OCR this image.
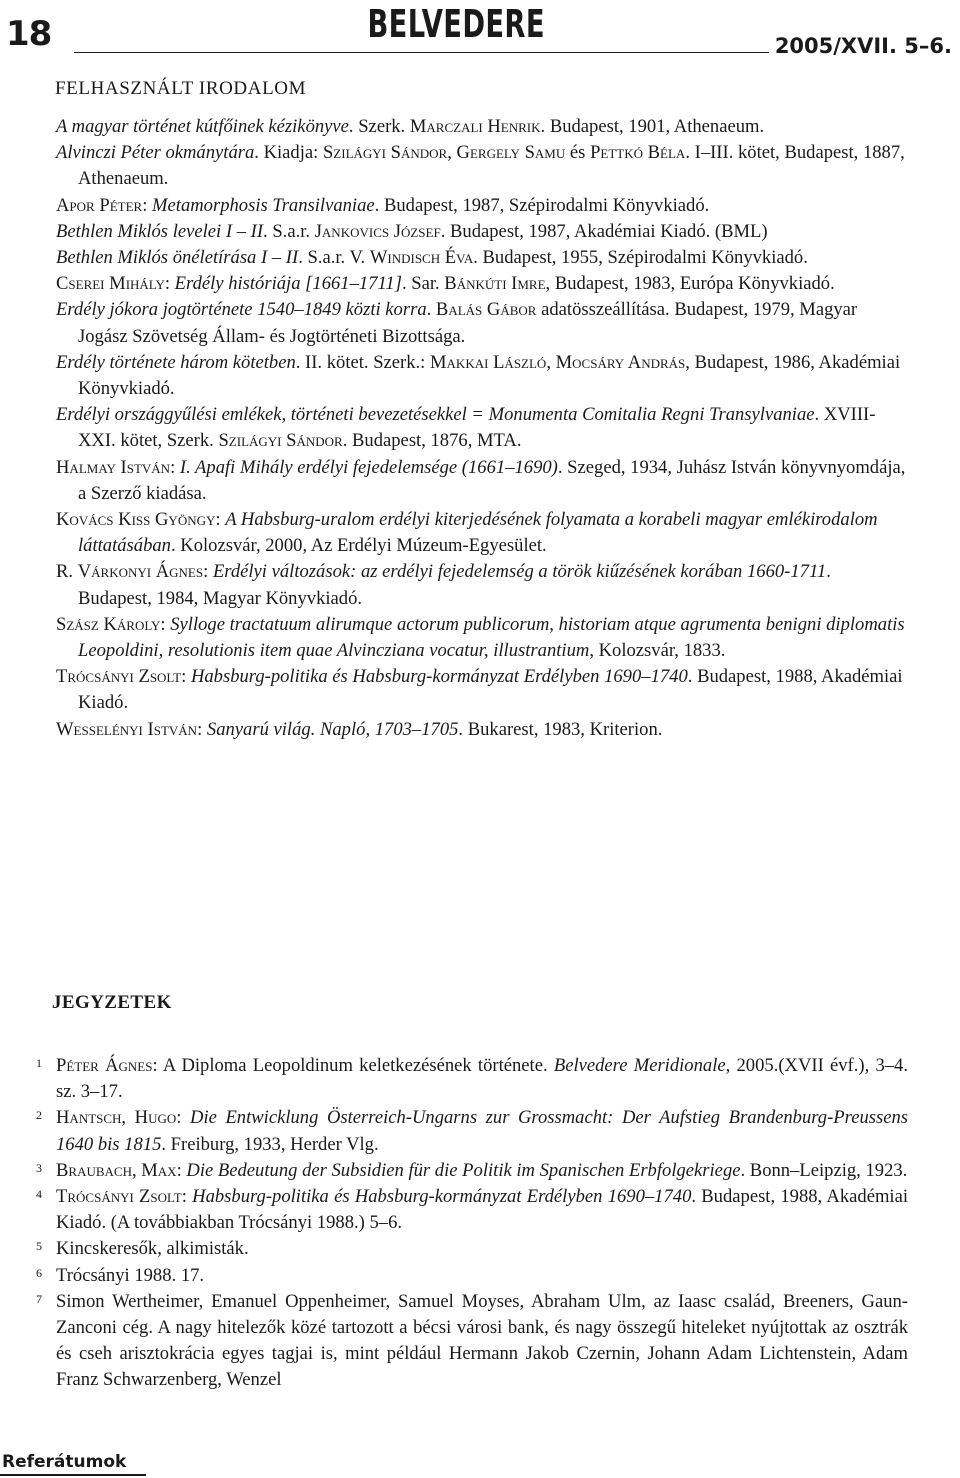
18	BELVEDERE	2005/XVII. 5–6.
FELHASZNÁLT IRODALOM

A magyar történet kútfőinek kézikönyve. Szerk. Marczali Henrik. Budapest, 1901, Athenaeum.

Alvinczi Péter okmánytára. Kiadja: Szilágyi Sándor, Gergely Samu és Pettkó Béla. I–III. kötet, Budapest, 1887, Athenaeum.

Apor Péter: Metamorphosis Transilvaniae. Budapest, 1987, Szépirodalmi Könyvkiadó.

Bethlen Miklós levelei I – II. S.a.r. Jankovics József. Budapest, 1987, Akadémiai Kiadó. (BML)

Bethlen Miklós önéletírása I – II. S.a.r. V. Windisch Éva. Budapest, 1955, Szépirodalmi Könyvkiadó.

Cserei Mihály: Erdély históriája [1661–1711]. Sar. Bánkúti Imre, Budapest, 1983, Európa Könyvkiadó.

Erdély jókora jogtörténete 1540–1849 közti korra. Balás Gábor adatösszeállítása. Budapest, 1979, Magyar Jogász Szövetség Állam- és Jogtörténeti Bizottsága.

Erdély története három kötetben. II. kötet. Szerk.: Makkai László, Mocsáry András, Budapest, 1986, Akadémiai Könyvkiadó.

Erdélyi országgyűlési emlékek, történeti bevezetésekkel = Monumenta Comitalia Regni Transylvaniae. XVIII-XXI. kötet, Szerk. Szilágyi Sándor. Budapest, 1876, MTA.

Halmay István: I. Apafi Mihály erdélyi fejedelemsége (1661–1690). Szeged, 1934, Juhász István könyvnyomdája, a Szerző kiadása.

Kovács Kiss Gyöngy: A Habsburg-uralom erdélyi kiterjedésének folyamata a korabeli magyar emlékirodalom láttatásában. Kolozsvár, 2000, Az Erdélyi Múzeum-Egyesület.

R. Várkonyi Ágnes: Erdélyi változások: az erdélyi fejedelemség a török kiűzésének korában 1660-1711. Budapest, 1984, Magyar Könyvkiadó.

Szász Károly: Sylloge tractatuum alirumque actorum publicorum, historiam atque agrumenta benigni diplomatis Leopoldini, resolutionis item quae Alvincziana vocatur, illustrantium, Kolozsvár, 1833.

Trócsányi Zsolt: Habsburg-politika és Habsburg-kormányzat Erdélyben 1690–1740. Budapest, 1988, Akadémiai Kiadó.

Wesselényi István: Sanyarú világ. Napló, 1703–1705. Bukarest, 1983, Kriterion.

JEGYZETEK
1 Péter Ágnes: A Diploma Leopoldinum keletkezésének története. Belvedere Meridionale, 2005.(XVII évf.), 3–4. sz. 3–17.
2 Hantsch, Hugo: Die Entwicklung Österreich-Ungarns zur Grossmacht: Der Aufstieg Brandenburg-Preussens 1640 bis 1815. Freiburg, 1933, Herder Vlg.
3 Braubach, Max: Die Bedeutung der Subsidien für die Politik im Spanischen Erbfolgekriege. Bonn–Leipzig, 1923.
4 Trócsányi Zsolt: Habsburg-politika és Habsburg-kormányzat Erdélyben 1690–1740. Budapest, 1988, Akadémiai Kiadó. (A továbbiakban Trócsányi 1988.) 5–6.
5 Kincskeresők, alkimisták.
6 Trócsányi 1988. 17.
7 Simon Wertheimer, Emanuel Oppenheimer, Samuel Moyses, Abraham Ulm, az Iaasc család, Breeners, Gaun-Zanconi cég. A nagy hitelezők közé tartozott a bécsi városi bank, és nagy összegű hiteleket nyújtottak az osztrák és cseh arisztokrácia egyes tagjai is, mint például Hermann Jakob Czernin, Johann Adam Lichtenstein, Adam Franz Schwarzenberg, Wenzel
Referátumok
